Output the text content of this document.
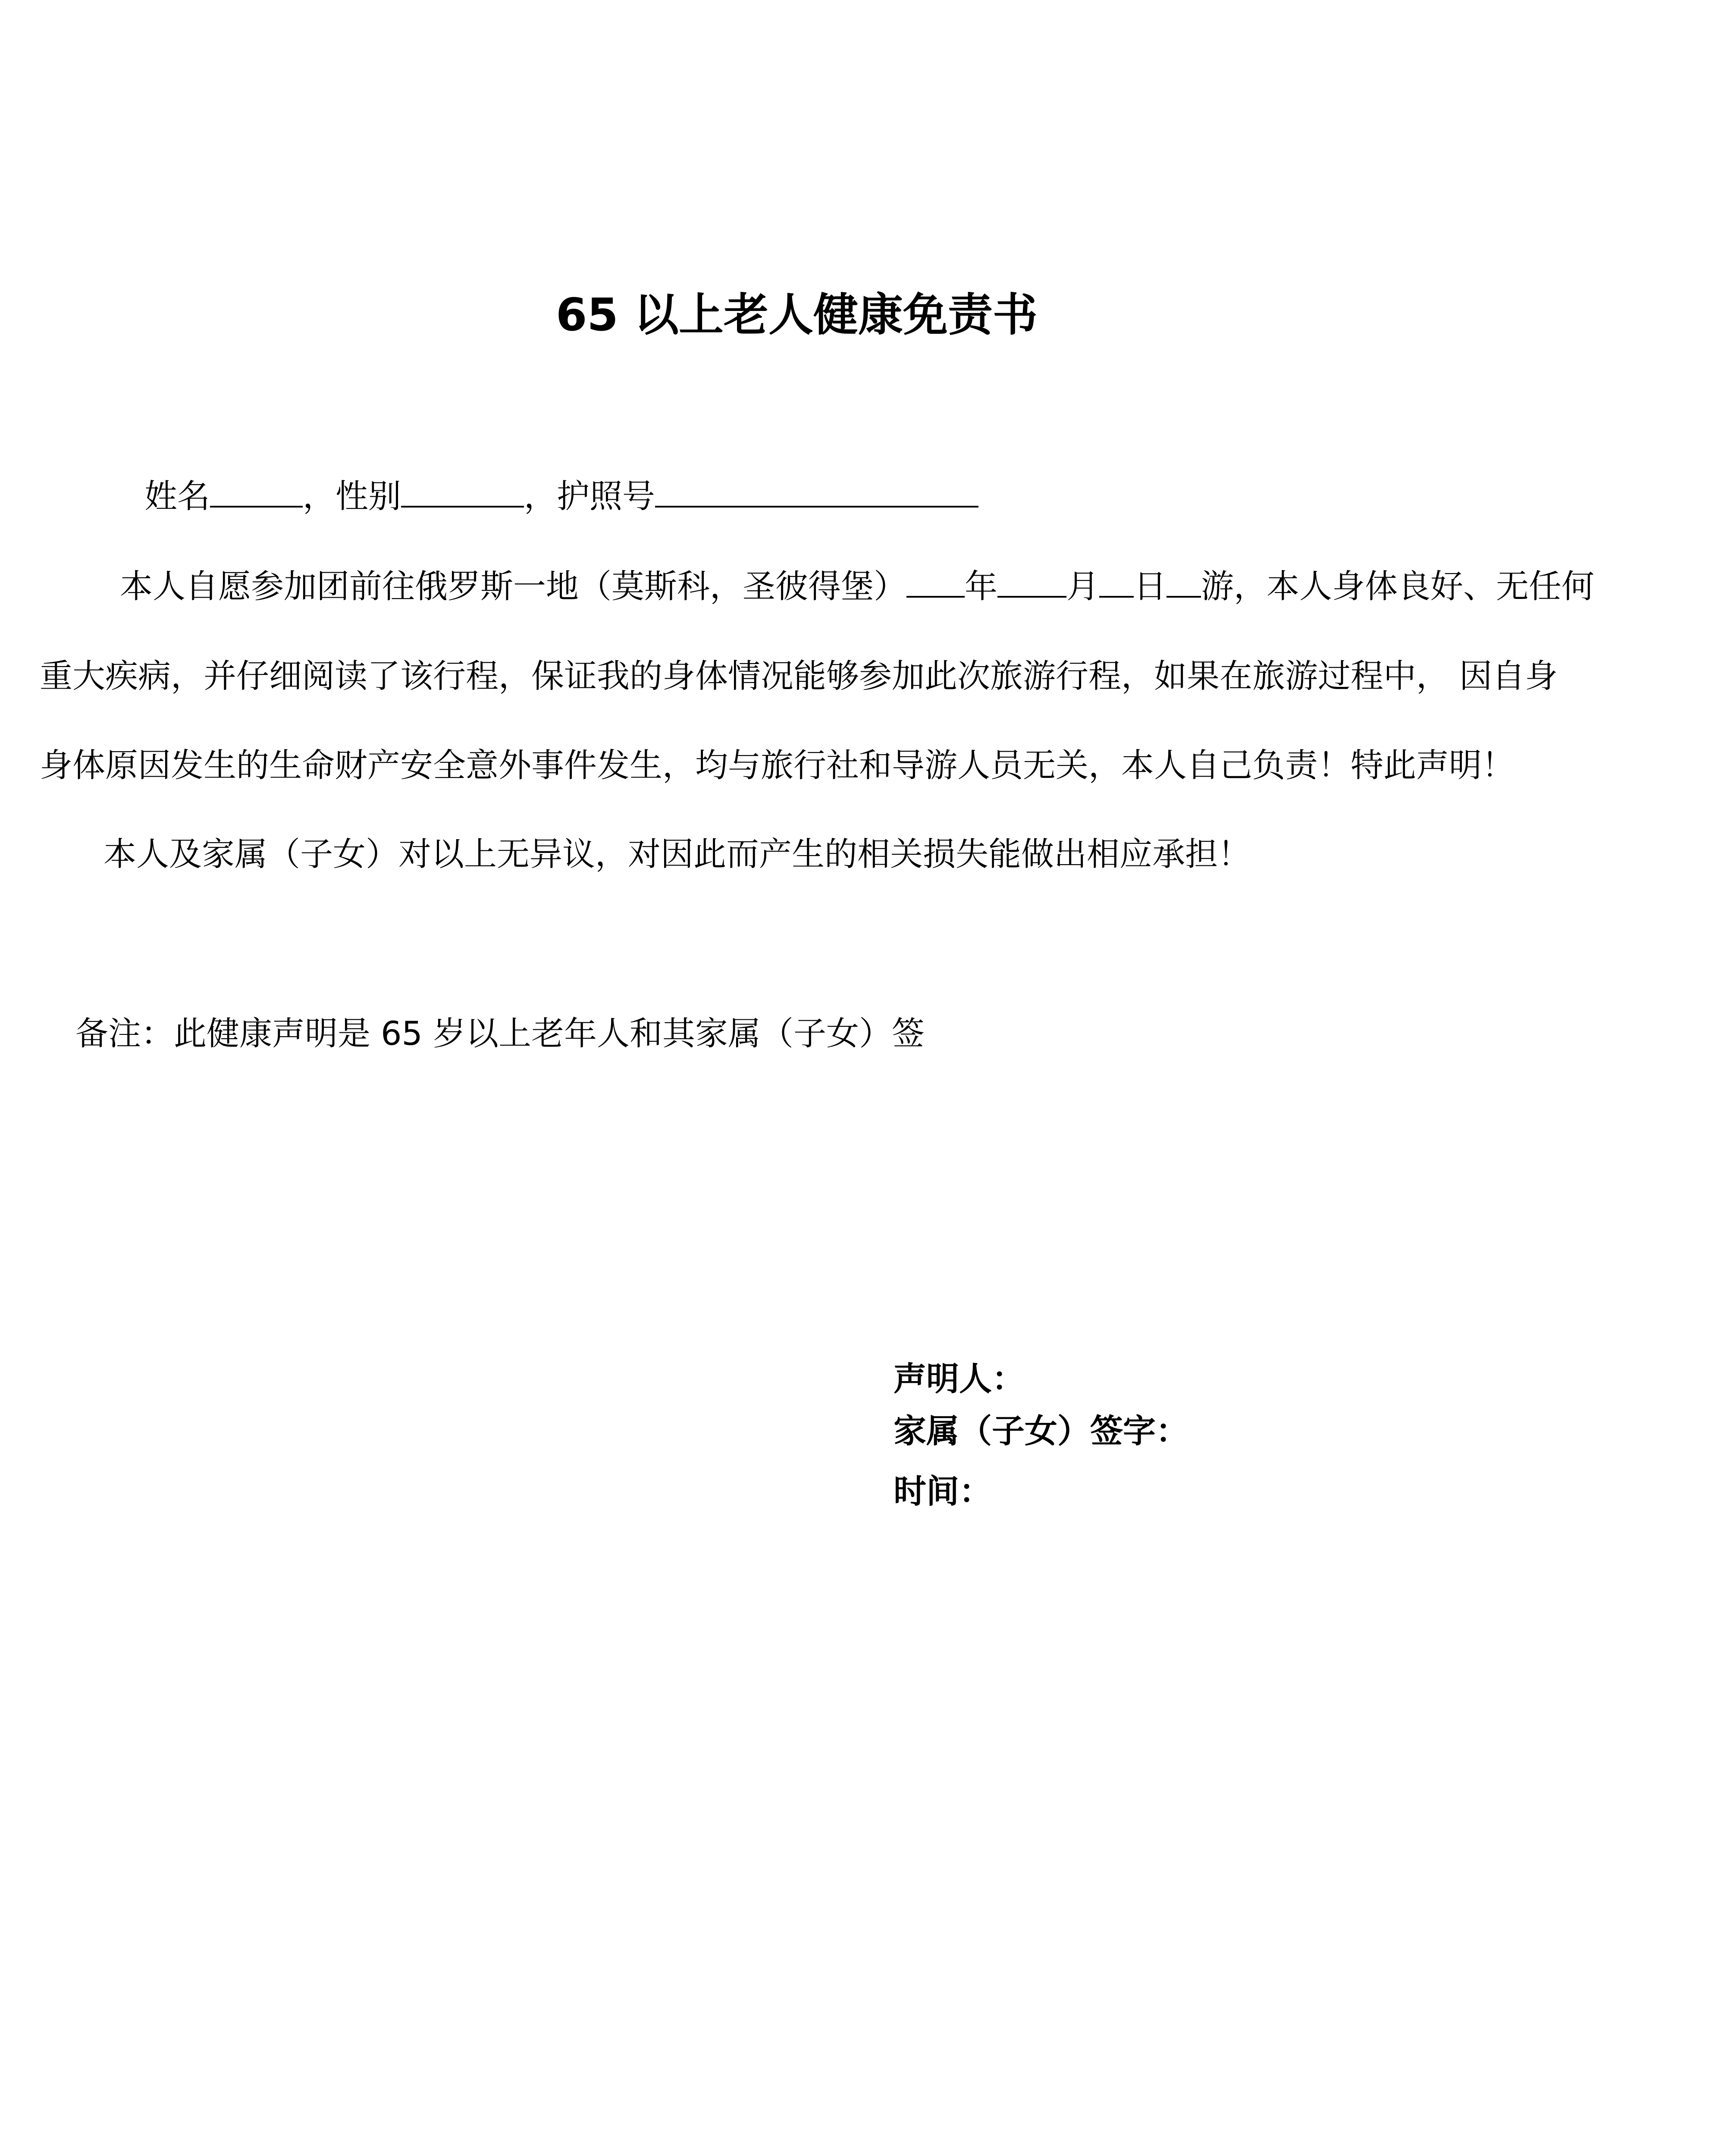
65 以上老人健康免责书
姓名	，性别	，护照号
本人自愿参加团前往俄罗斯一地（莫斯科，圣彼得堡） 年 月 日 游，本人身体良好、无任何
重大疾病，并仔细阅读了该行程，保证我的身体情况能够参加此次旅游行程，如果在旅游过程中， 因自身
身体原因发生的生命财产安全意外事件发生，均与旅行社和导游人员无关，本人自己负责！特此声明！
本人及家属（子女）对以上无异议，对因此而产生的相关损失能做出相应承担！
备注：此健康声明是 65 岁以上老年人和其家属（子女）签
声明人：
家属（子女）签字：
时间：
